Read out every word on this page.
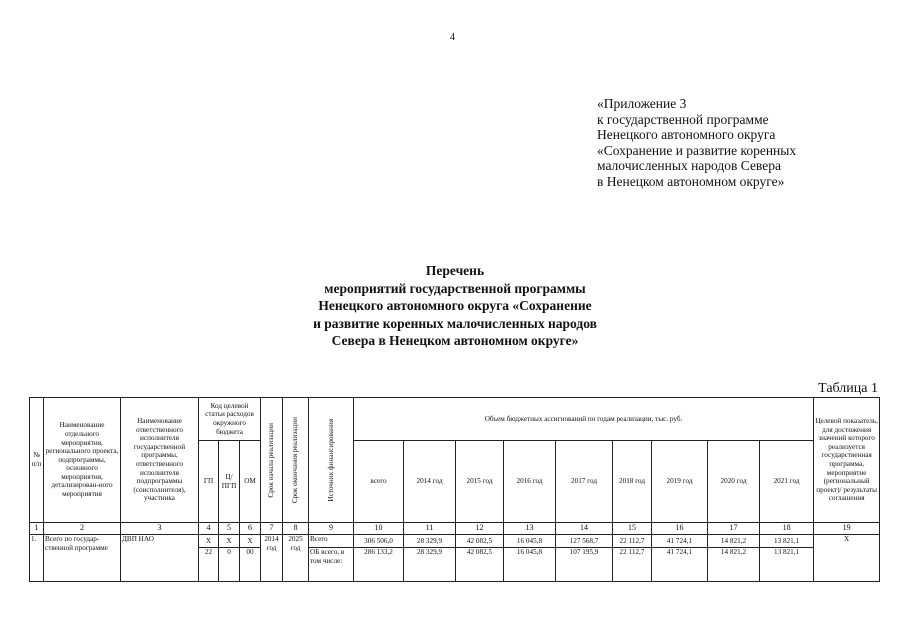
4
«Приложение 3
к государственной программе
Ненецкого автономного округа
«Сохранение и развитие коренных
малочисленных народов Севера
в Ненецком автономном округе»
Перечень
мероприятий государственной программы
Ненецкого автономного округа «Сохранение
и развитие коренных малочисленных народов
Севера в Ненецком автономном округе»
Таблица 1
№ п/п	Наименование отдельного мероприятия, регионального проекта, подпрограммы, основного мероприятия, детализирован-ного мероприятия	Наименование ответственного исполнителя государственной программы, ответственного исполнителя подпрограммы (соисполнителя), участника	Код целевой статьи расходов окружного бюджета			Срок начала реализации	Срок окончания реализации	Источник финансирования	Объем бюджетных ассигнований по годам реализации, тыс. руб.									Целевой показатель, для достижения значений которого реализуется государственная программа, мероприятие (региональный проект)/ результаты соглашения
			ГП	Ц/ПГП	ОМ				всего	2014 год	2015 год	2016 год	2017 год	2018 год	2019 год	2020 год	2021 год	
1	2	3	4	5	6	7	8	9	10	11	12	13	14	15	16	17	18	19
1.	Всего по государ-ственной программе	ДВП НАО	X	X	X	2014 год	2025 год	Всего	306 506,0	28 329,9	42 082,5	16 045,8	127 568,7	22 112,7	41 724,1	14 821,2	13 821,1	X
			22	0	00			ОБ всего, в том числе:	286 133,2	28 329,9	42 082,5	16 045,8	107 195,9	22 112,7	41 724,1	14 821,2	13 821,1	
